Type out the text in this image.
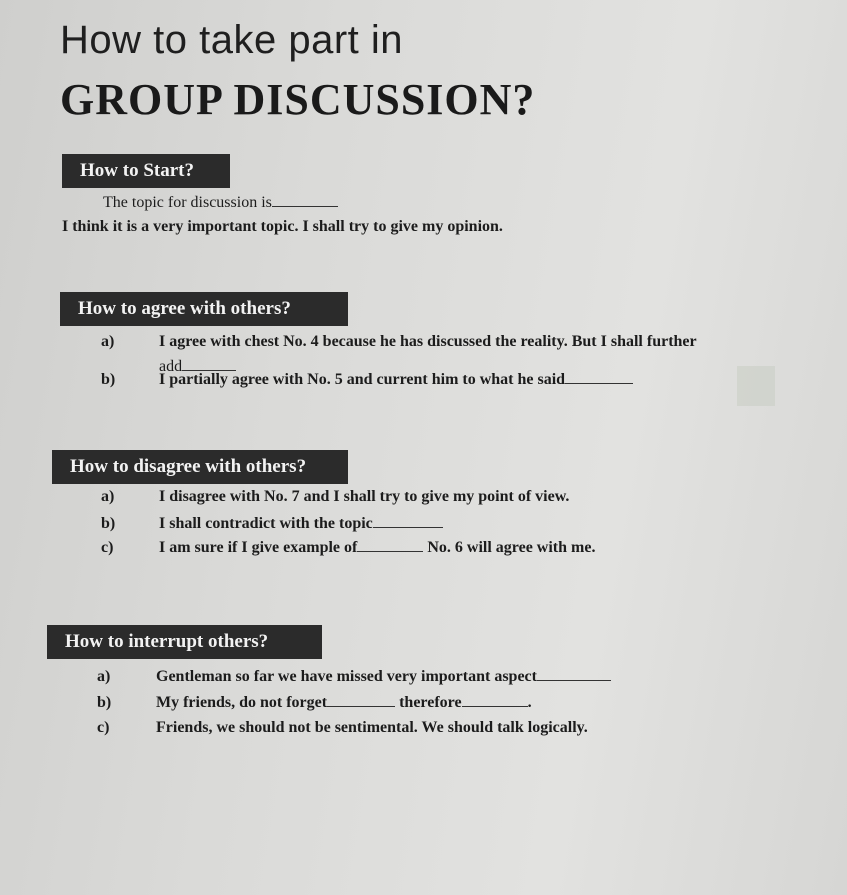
How to take part in
GROUP DISCUSSION?
How to Start?
The topic for discussion is
I think it is a very important topic. I shall try to give my opinion.
How to agree with others?
a)	I agree with chest No. 4 because he has discussed the reality. But I shall further
add
b)	I partially agree with No. 5 and current him to what he said
How to disagree with others?
a)	I disagree with No. 7 and I shall try to give my point of view.
b)	I shall contradict with the topic
c)	I am sure if I give example of	No. 6 will agree with me.
How to interrupt others?
a)	Gentleman so far we have missed very important aspect
b)	My friends, do not forget	therefore	.
c)	Friends, we should not be sentimental. We should talk logically.
